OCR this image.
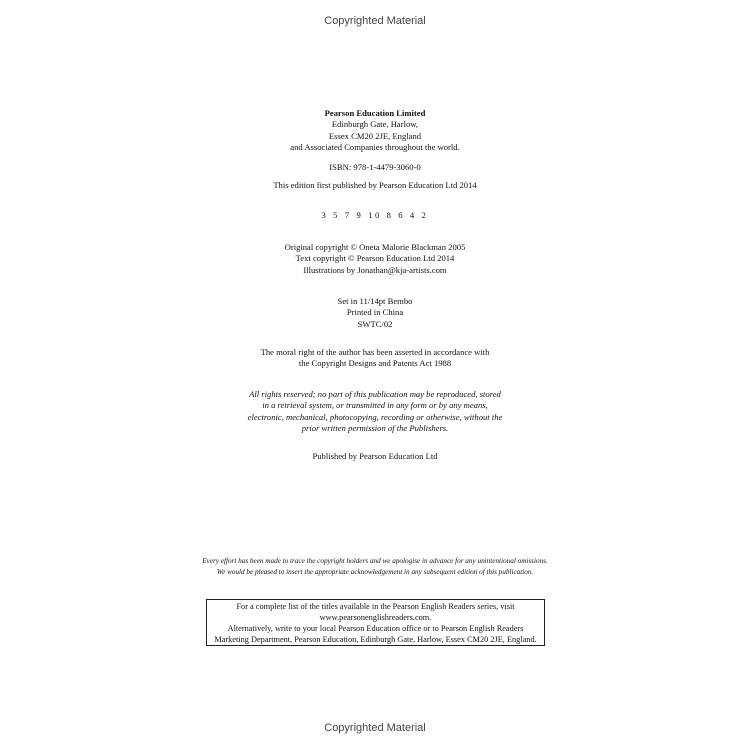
Copyrighted Material
Pearson Education Limited
Edinburgh Gate, Harlow,
Essex CM20 2JE, England
and Associated Companies throughout the world.
ISBN: 978-1-4479-3060-0
This edition first published by Pearson Education Ltd 2014
3 5 7 9 10 8 6 4 2
Original copyright © Oneta Malorie Blackman 2005
Text copyright © Pearson Education Ltd 2014
Illustrations by Jonathan@kja-artists.com
Set in 11/14pt Bembo
Printed in China
SWTC/02
The moral right of the author has been asserted in accordance with
the Copyright Designs and Patents Act 1988
All rights reserved; no part of this publication may be reproduced, stored
in a retrieval system, or transmitted in any form or by any means,
electronic, mechanical, photocopying, recording or otherwise, without the
prior written permission of the Publishers.
Published by Pearson Education Ltd
Every effort has been made to trace the copyright holders and we apologise in advance for any unintentional omissions.
We would be pleased to insert the appropriate acknowledgement in any subsequent edition of this publication.
For a complete list of the titles available in the Pearson English Readers series, visit
www.pearsonenglishreaders.com.
Alternatively, write to your local Pearson Education office or to Pearson English Readers
Marketing Department, Pearson Education, Edinburgh Gate, Harlow, Essex CM20 2JE, England.
Copyrighted Material
